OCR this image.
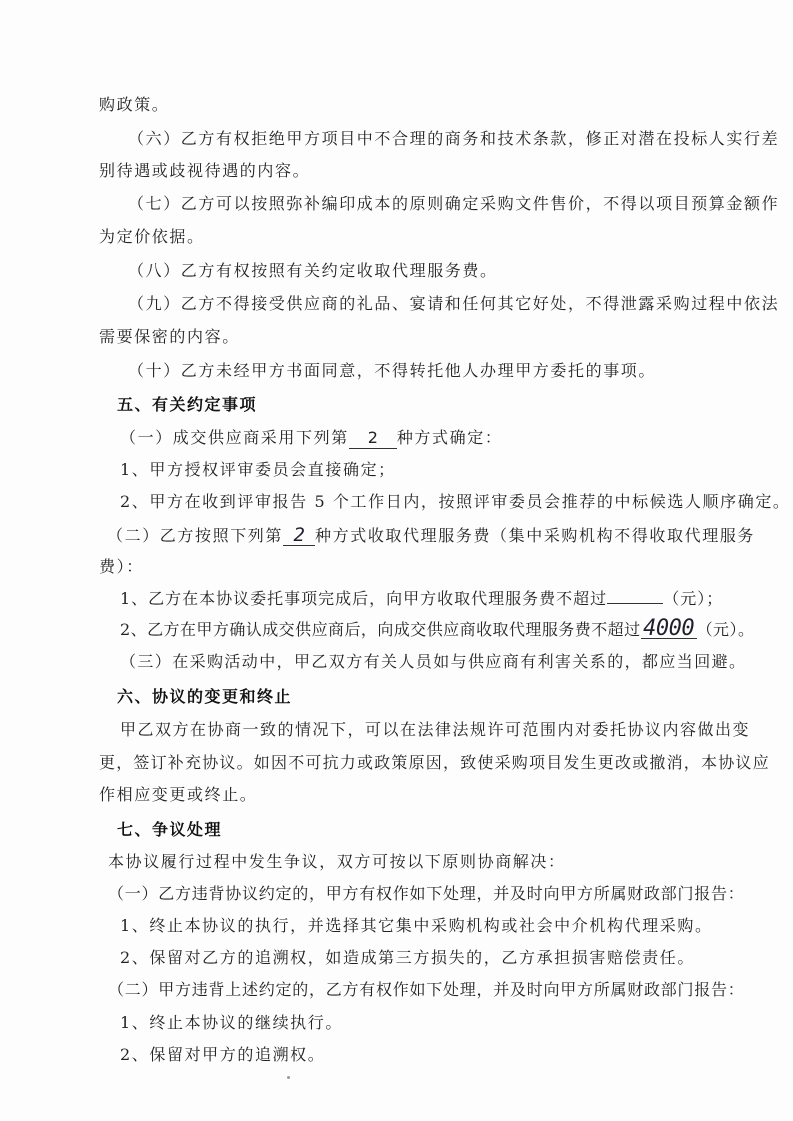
购政策。
（六）乙方有权拒绝甲方项目中不合理的商务和技术条款，修正对潜在投标人实行差
别待遇或歧视待遇的内容。
（七）乙方可以按照弥补编印成本的原则确定采购文件售价，不得以项目预算金额作
为定价依据。
（八）乙方有权按照有关约定收取代理服务费。
（九）乙方不得接受供应商的礼品、宴请和任何其它好处，不得泄露采购过程中依法
需要保密的内容。
（十）乙方未经甲方书面同意，不得转托他人办理甲方委托的事项。
五、有关约定事项
（一）成交供应商采用下列第 2 种方式确定：
1、甲方授权评审委员会直接确定；
2、甲方在收到评审报告 5 个工作日内，按照评审委员会推荐的中标候选人顺序确定。
（二）乙方按照下列第 2 种方式收取代理服务费（集中采购机构不得收取代理服务
费）：
1、乙方在本协议委托事项完成后，向甲方收取代理服务费不超过	（元）；
2、乙方在甲方确认成交供应商后，向成交供应商收取代理服务费不超过 4000 （元）。
（三）在采购活动中，甲乙双方有关人员如与供应商有利害关系的，都应当回避。
六、协议的变更和终止
甲乙双方在协商一致的情况下，可以在法律法规许可范围内对委托协议内容做出变
更，签订补充协议。如因不可抗力或政策原因，致使采购项目发生更改或撤消，本协议应
作相应变更或终止。
七、争议处理
本协议履行过程中发生争议，双方可按以下原则协商解决：
（一）乙方违背协议约定的，甲方有权作如下处理，并及时向甲方所属财政部门报告：
1、终止本协议的执行，并选择其它集中采购机构或社会中介机构代理采购。
2、保留对乙方的追溯权，如造成第三方损失的，乙方承担损害赔偿责任。
（二）甲方违背上述约定的，乙方有权作如下处理，并及时向甲方所属财政部门报告：
1、终止本协议的继续执行。
2、保留对甲方的追溯权。
